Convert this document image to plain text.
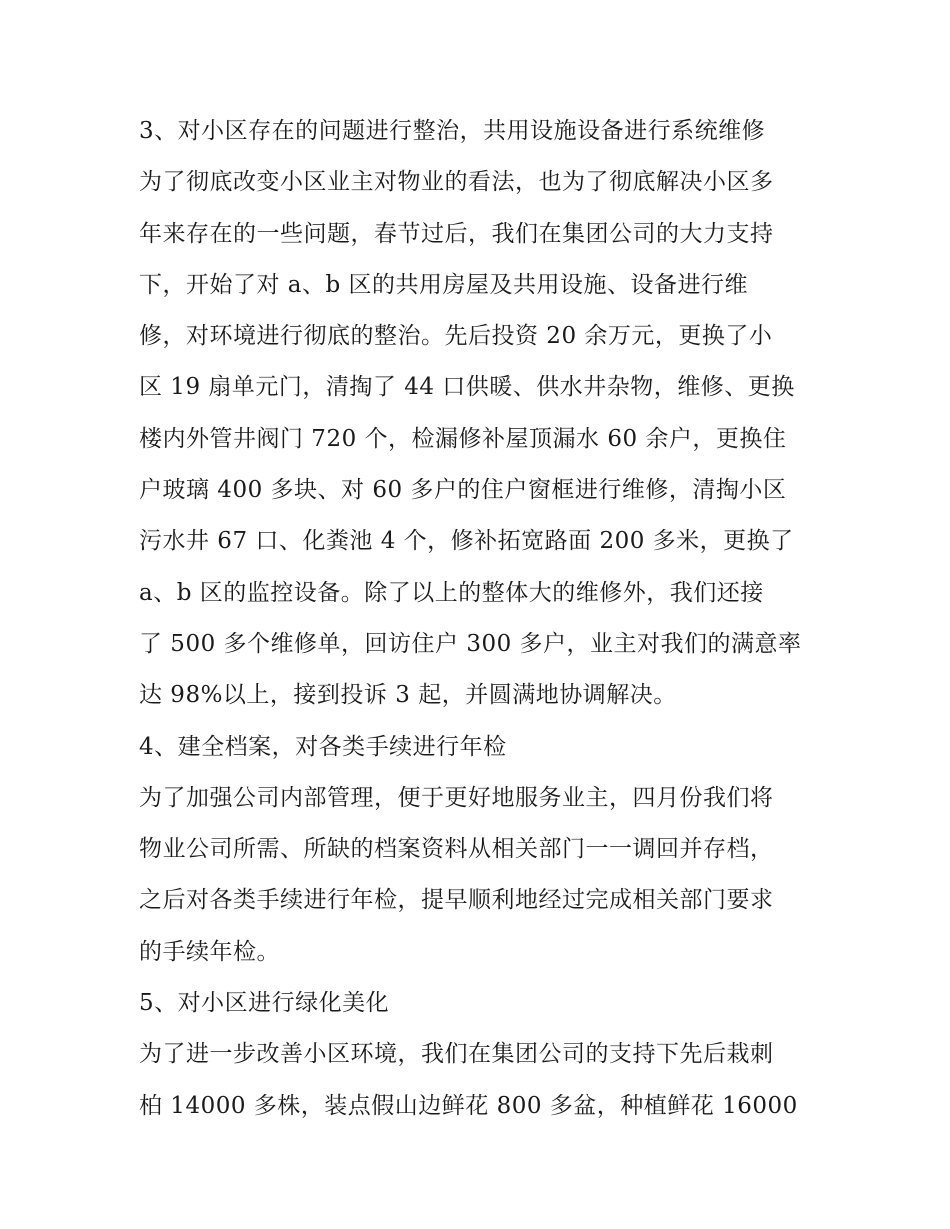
3、对小区存在的问题进行整治，共用设施设备进行系统维修
为了彻底改变小区业主对物业的看法，也为了彻底解决小区多
年来存在的一些问题，春节过后，我们在集团公司的大力支持
下，开始了对 a、b 区的共用房屋及共用设施、设备进行维
修，对环境进行彻底的整治。先后投资 20 余万元，更换了小
区 19 扇单元门，清掏了 44 口供暖、供水井杂物，维修、更换
楼内外管井阀门 720 个，检漏修补屋顶漏水 60 余户，更换住
户玻璃 400 多块、对 60 多户的住户窗框进行维修，清掏小区
污水井 67 口、化粪池 4 个，修补拓宽路面 200 多米，更换了
a、b 区的监控设备。除了以上的整体大的维修外，我们还接
了 500 多个维修单，回访住户 300 多户，业主对我们的满意率
达 98%以上，接到投诉 3 起，并圆满地协调解决。
4、建全档案，对各类手续进行年检
为了加强公司内部管理，便于更好地服务业主，四月份我们将
物业公司所需、所缺的档案资料从相关部门一一调回并存档，
之后对各类手续进行年检，提早顺利地经过完成相关部门要求
的手续年检。
5、对小区进行绿化美化
为了进一步改善小区环境，我们在集团公司的支持下先后栽刺
柏 14000 多株，装点假山边鲜花 800 多盆，种植鲜花 16000
